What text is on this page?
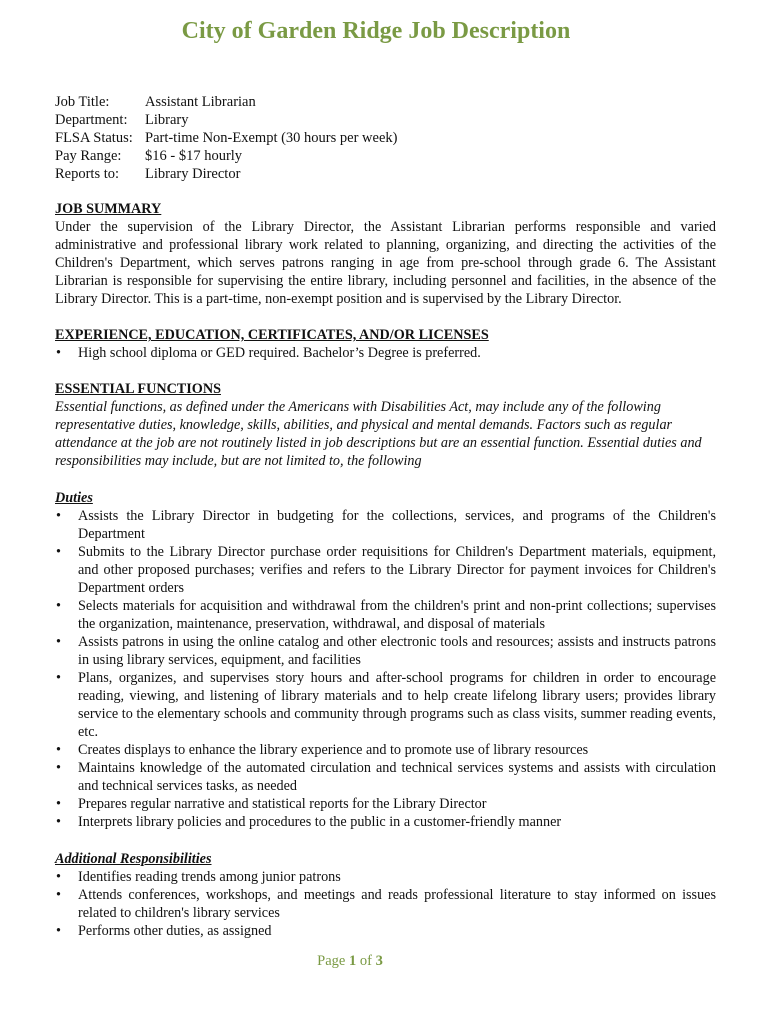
City of Garden Ridge Job Description
Job Title:	Assistant Librarian
Department:	Library
FLSA Status: Part-time Non-Exempt (30 hours per week)
Pay Range:	$16 - $17 hourly
Reports to:	Library Director

JOB SUMMARY

Under the supervision of the Library Director, the Assistant Librarian performs responsible and varied administrative and professional library work related to planning, organizing, and directing the activities of the Children's Department, which serves patrons ranging in age from pre-school through grade 6. The Assistant Librarian is responsible for supervising the entire library, including personnel and facilities, in the absence of the Library Director. This is a part-time, non-exempt position and is supervised by the Library Director.

EXPERIENCE, EDUCATION, CERTIFICATES, AND/OR LICENSES

• High school diploma or GED required. Bachelor’s Degree is preferred.

ESSENTIAL FUNCTIONS

Essential functions, as defined under the Americans with Disabilities Act, may include any of the following representative duties, knowledge, skills, abilities, and physical and mental demands. Factors such as regular attendance at the job are not routinely listed in job descriptions but are an essential function. Essential duties and responsibilities may include, but are not limited to, the following

Duties

• Assists the Library Director in budgeting for the collections, services, and programs of the Children's Department
• Submits to the Library Director purchase order requisitions for Children's Department materials, equipment, and other proposed purchases; verifies and refers to the Library Director for payment invoices for Children's Department orders
• Selects materials for acquisition and withdrawal from the children's print and non-print collections; supervises the organization, maintenance, preservation, withdrawal, and disposal of materials
• Assists patrons in using the online catalog and other electronic tools and resources; assists and instructs patrons in using library services, equipment, and facilities
• Plans, organizes, and supervises story hours and after-school programs for children in order to encourage reading, viewing, and listening of library materials and to help create lifelong library users; provides library service to the elementary schools and community through programs such as class visits, summer reading events, etc.
• Creates displays to enhance the library experience and to promote use of library resources
• Maintains knowledge of the automated circulation and technical services systems and assists with circulation and technical services tasks, as needed
• Prepares regular narrative and statistical reports for the Library Director
• Interprets library policies and procedures to the public in a customer-friendly manner

Additional Responsibilities

• Identifies reading trends among junior patrons
• Attends conferences, workshops, and meetings and reads professional literature to stay informed on issues related to children's library services
• Performs other duties, as assigned
Page 1 of 3
